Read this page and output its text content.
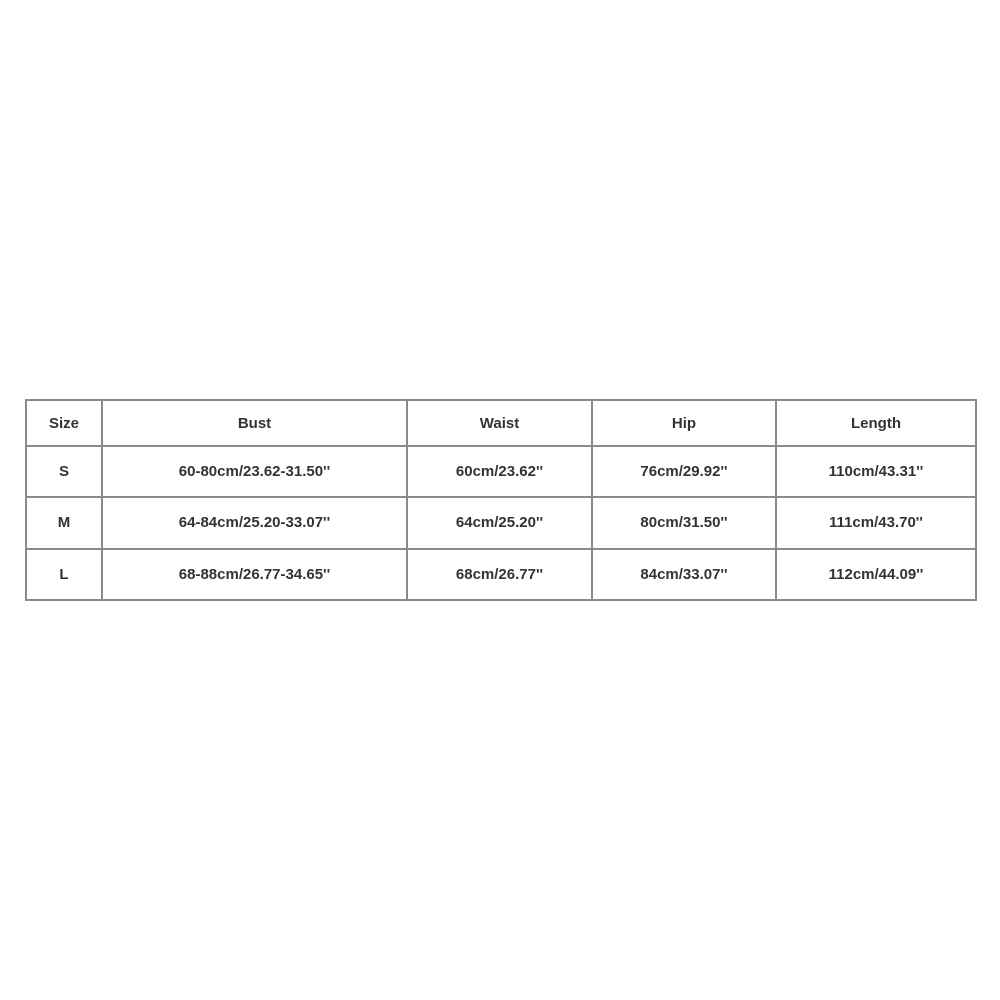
Size	Bust	Waist	Hip	Length
S	60-80cm/23.62-31.50''	60cm/23.62''	76cm/29.92''	110cm/43.31''
M	64-84cm/25.20-33.07''	64cm/25.20''	80cm/31.50''	111cm/43.70''
L	68-88cm/26.77-34.65''	68cm/26.77''	84cm/33.07''	112cm/44.09''
